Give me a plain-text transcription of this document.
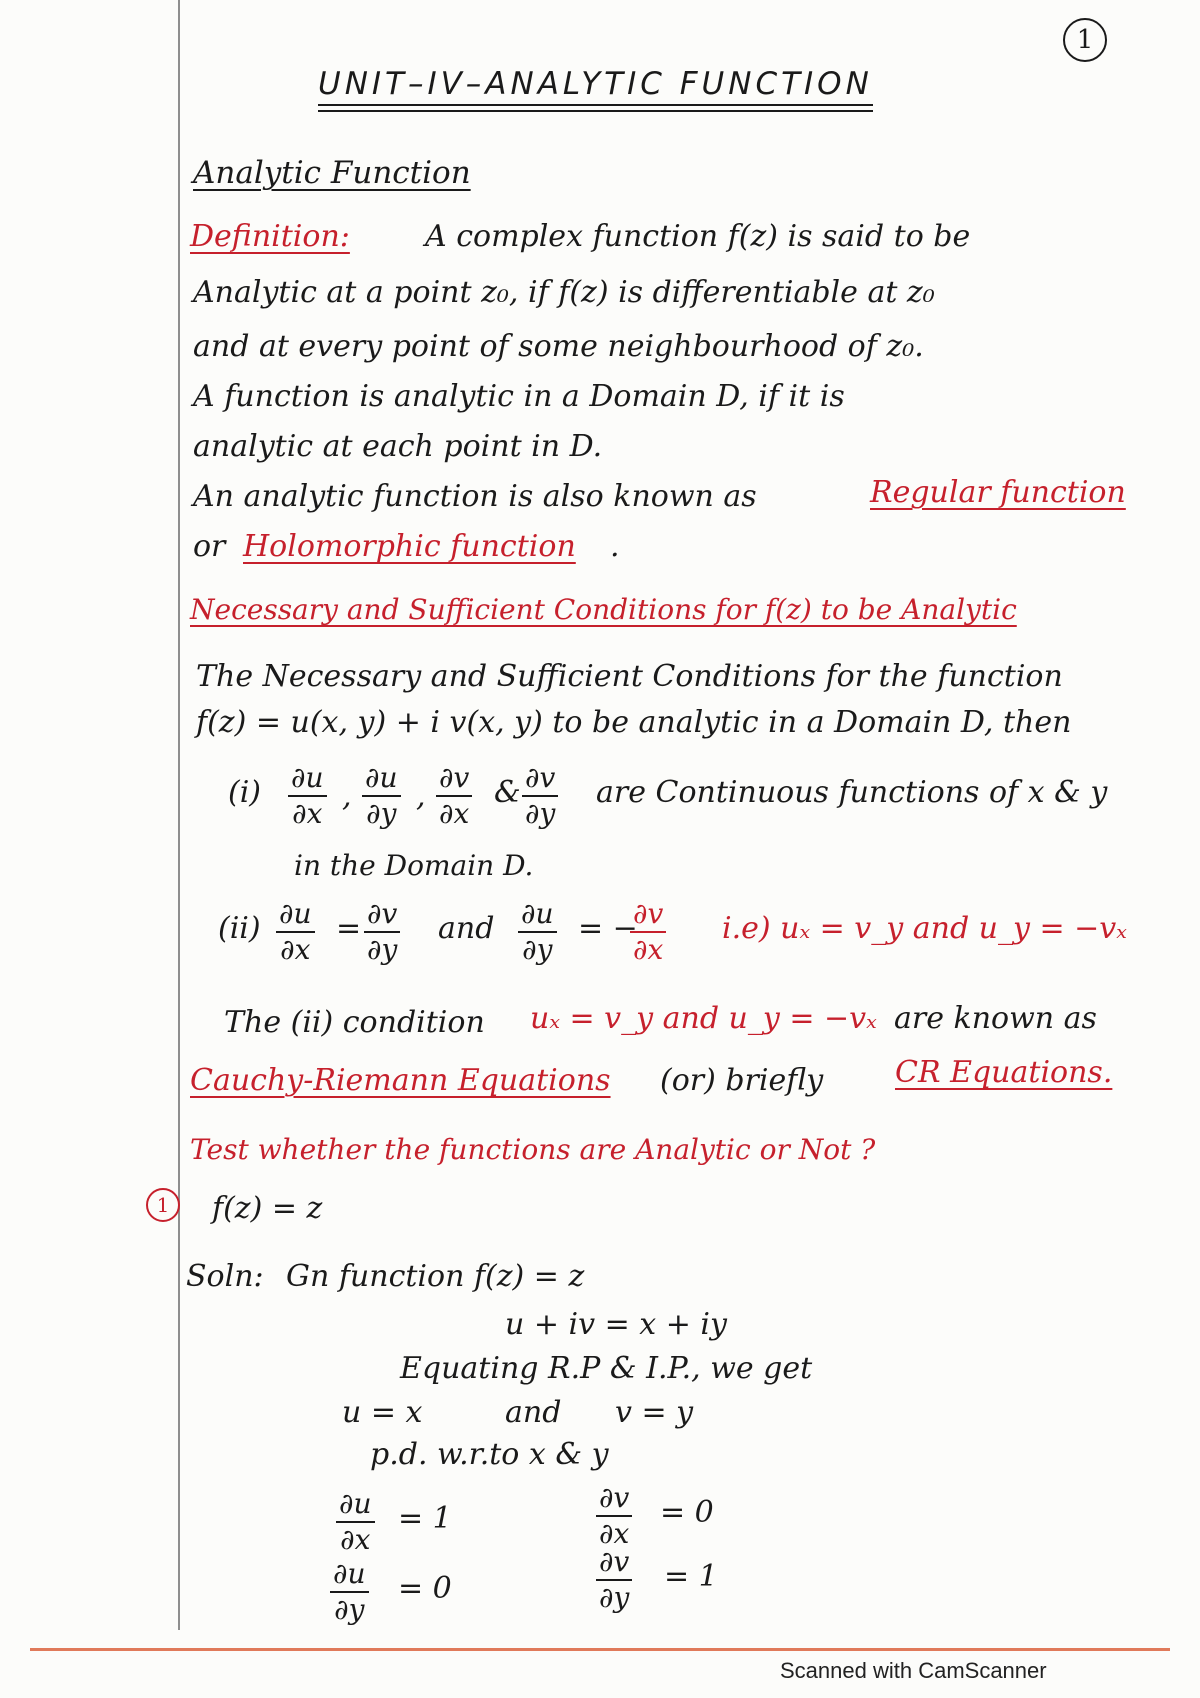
1
UNIT–IV–ANALYTIC FUNCTION
Analytic Function
Definition:	A complex function f(z) is said to be
Analytic at a point z₀, if f(z) is differentiable at z₀
and at every point of some neighbourhood of z₀.
A function is analytic in a Domain D, if it is
analytic at each point in D.
An analytic function is also known as	Regular function
or Holomorphic function .
Necessary and Sufficient Conditions for f(z) to be Analytic
The Necessary and Sufficient Conditions for the function
f(z) = u(x, y) + i v(x, y) to be analytic in a Domain D, then
$(i) \frac{\partial u}{\partial x}$ , $\frac{\partial u}{\partial y}$ , $\frac{\partial v}{\partial x}$ & $\frac{\partial v}{\partial y}$ are Continuous functions of x & y
in the Domain D.
$(ii) \frac{\partial u}{\partial x} = \frac{\partial v}{\partial y}$ and $\frac{\partial u}{\partial y}$ = −
$\frac{\partial v}{\partial x} i.e$) uₓ = v_y and u_y = −vₓ
The (ii) condition uₓ = v_y and u_y = −vₓ are known as
Cauchy-Riemann Equations (or) briefly CR Equations.
Test whether the functions are Analytic or Not ?
1	f(z) = z
Soln: Gn function f(z) = z
u + iv = x + iy
Equating R.P & I.P., we get
u = x	and v = y
p.d. w.r.to x & y
$\frac{\partial u}{\partial x} = 1$	$\frac{\partial v}{\partial x} = 0$
$\frac{\partial u}{\partial y} = 0$	$\frac{\partial v}{\partial y} = 1$
Scanned with CamScanner
